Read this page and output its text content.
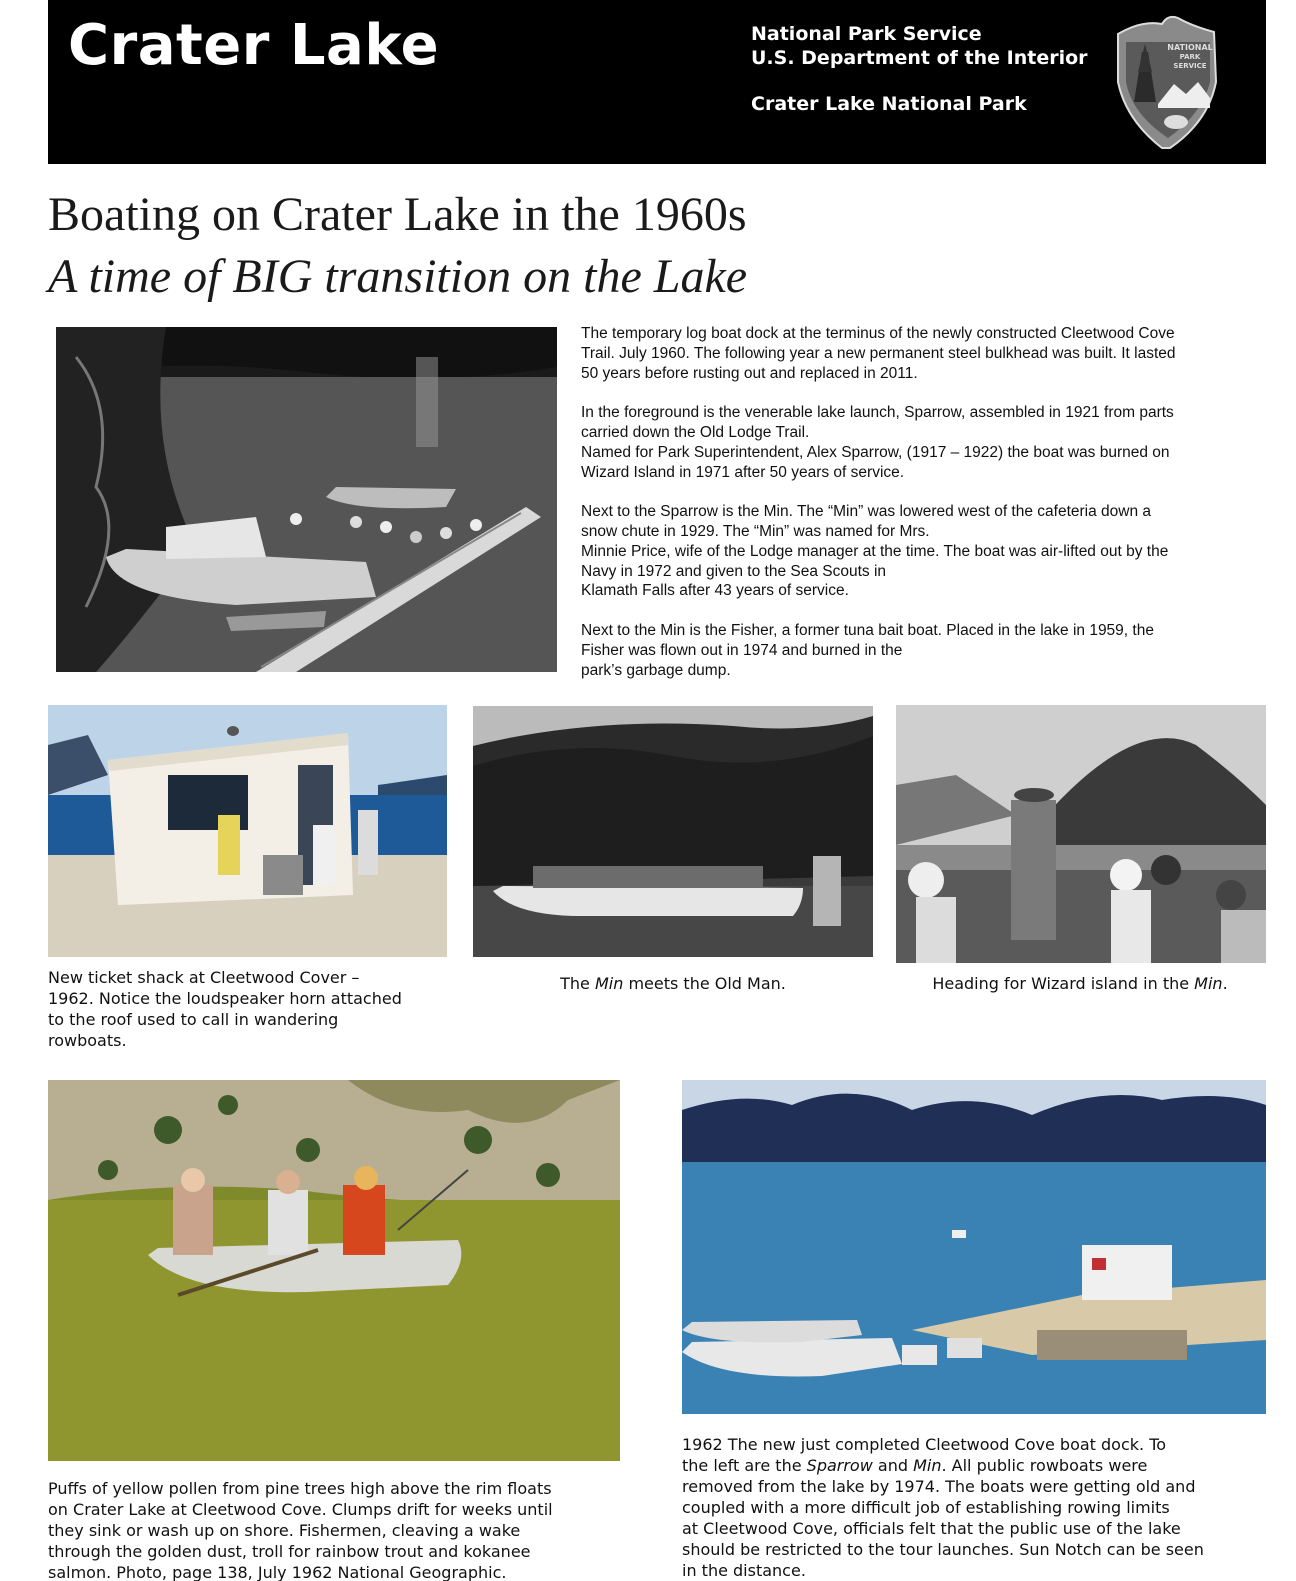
Crater Lake	National Park Service
U.S. Department of the Interior
Crater Lake National Park
NATIONAL
PARK
SERVICE
Boating on Crater Lake in the 1960s
A time of BIG transition on the Lake

The temporary log boat dock at the terminus of the newly constructed Cleetwood Cove
Trail. July 1960. The following year a new permanent steel bulkhead was built. It lasted
50 years before rusting out and replaced in 2011.

In the foreground is the venerable lake launch, Sparrow, assembled in 1921 from parts
carried down the Old Lodge Trail.
Named for Park Superintendent, Alex Sparrow, (1917 – 1922) the boat was burned on
Wizard Island in 1971 after 50 years of service.

Next to the Sparrow is the Min. The “Min” was lowered west of the cafeteria down a
snow chute in 1929. The “Min” was named for Mrs.
Minnie Price, wife of the Lodge manager at the time. The boat was air-lifted out by the
Navy in 1972 and given to the Sea Scouts in
Klamath Falls after 43 years of service.

Next to the Min is the Fisher, a former tuna bait boat. Placed in the lake in 1959, the
Fisher was flown out in 1974 and burned in the
park’s garbage dump.

New ticket shack at Cleetwood Cover –
1962. Notice the loudspeaker horn attached
to the roof used to call in wandering
rowboats.
The Min meets the Old Man.	Heading for Wizard island in the Min.
Puffs of yellow pollen from pine trees high above the rim floats
on Crater Lake at Cleetwood Cove. Clumps drift for weeks until
they sink or wash up on shore. Fishermen, cleaving a wake
through the golden dust, troll for rainbow trout and kokanee
salmon. Photo, page 138, July 1962 National Geographic.
1962 The new just completed Cleetwood Cove boat dock. To
the left are the Sparrow and Min. All public rowboats were
removed from the lake by 1974. The boats were getting old and
coupled with a more difficult job of establishing rowing limits
at Cleetwood Cove, officials felt that the public use of the lake
should be restricted to the tour launches. Sun Notch can be seen
in the distance.
